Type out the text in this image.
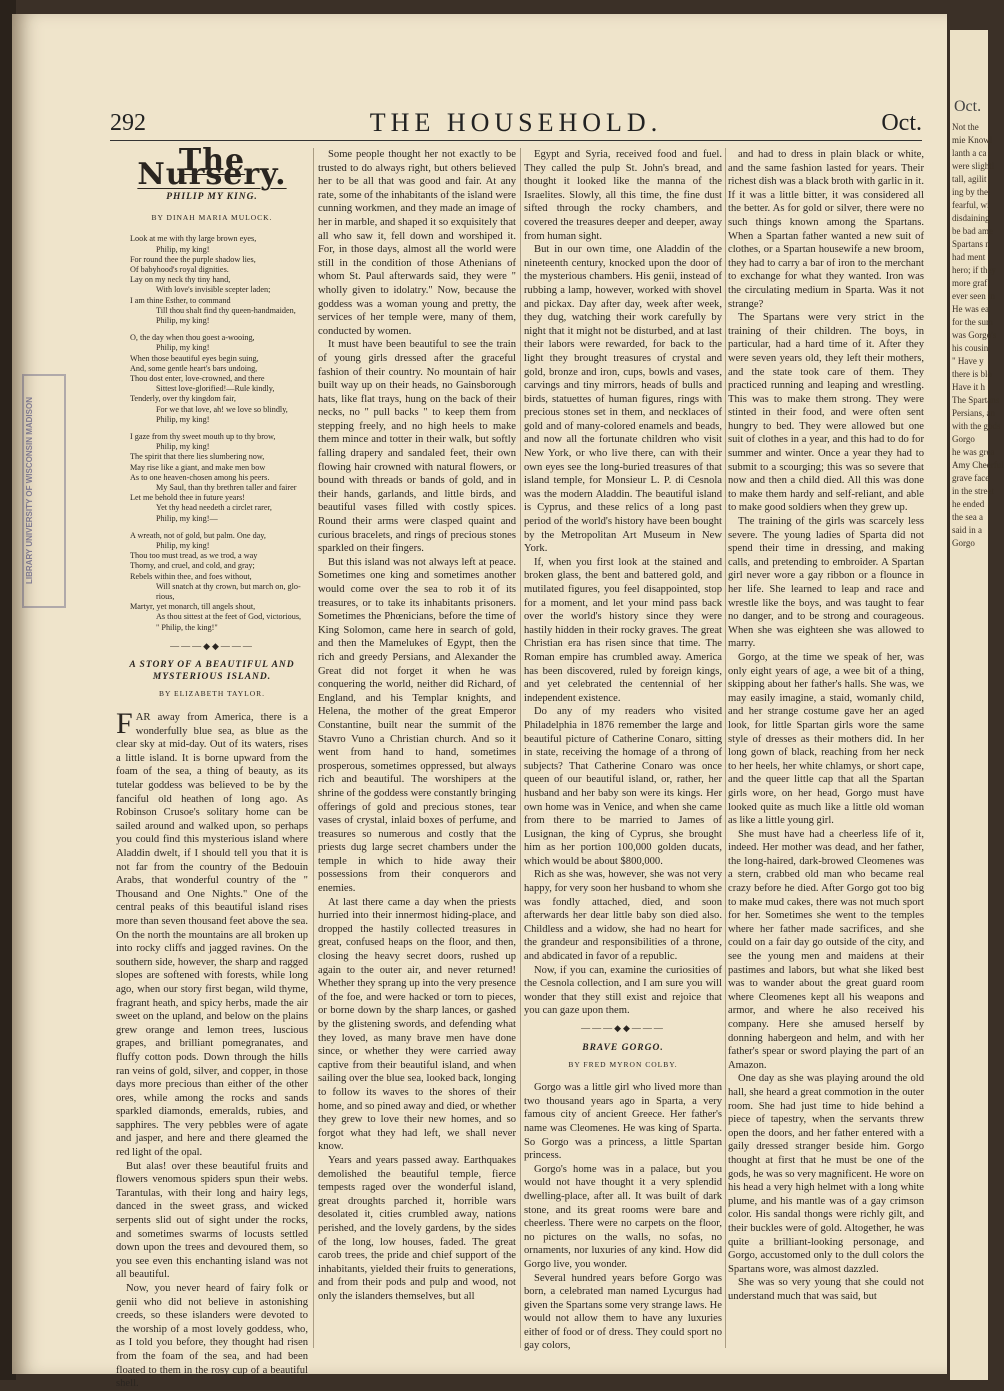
LIBRARY UNIVERSITY OF WISCONSIN MADISON
Oct.
Not the
mie Knowl
lanth a ca
were slightl
tall, agilit
ing by the
fearful, wi
disdaining
be bad ame
Spartans n
had ment
hero; if they
more graf
ever seen in
He was ea
for the sum
was Gorgo's
his cousin
" Have y
there is blo
Have it h
The Spartans
Persians, an
with the gods
Gorgo
he was grea
Amy Cheerful
grave face
in the street
he ended
the sea a
said in a
Gorgo
292	THE HOUSEHOLD.	Oct.
The Nursery.
PHILIP MY KING.
BY DINAH MARIA MULOCK.
Look at me with thy large brown eyes,
Philip, my king!
For round thee the purple shadow lies,
Of babyhood's royal dignities.
Lay on my neck thy tiny hand,
With love's invisible scepter laden;
I am thine Esther, to command
Till thou shalt find thy queen-handmaiden,
Philip, my king!
O, the day when thou goest a-wooing,
Philip, my king!
When those beautiful eyes begin suing,
And, some gentle heart's bars undoing,
Thou dost enter, love-crowned, and there
Sittest love-glorified!—Rule kindly,
Tenderly, over thy kingdom fair,
For we that love, ah! we love so blindly,
Philip, my king!
I gaze from thy sweet mouth up to thy brow,
Philip, my king!
The spirit that there lies slumbering now,
May rise like a giant, and make men bow
As to one heaven-chosen among his peers.
My Saul, than thy brethren taller and fairer
Let me behold thee in future years!
Yet thy head needeth a circlet rarer,
Philip, my king!—
A wreath, not of gold, but palm. One day,
Philip, my king!
Thou too must tread, as we trod, a way
Thorny, and cruel, and cold, and gray;
Rebels within thee, and foes without,
Will snatch at thy crown, but march on, glo-
rious,
Martyr, yet monarch, till angels shout,
As thou sittest at the feet of God, victorious,
" Philip, the king!"
———◆◆———
A STORY OF A BEAUTIFUL AND MYSTERIOUS ISLAND.
BY ELIZABETH TAYLOR.

FAR away from America, there is a wonderfully blue sea, as blue as the clear sky at mid-day. Out of its waters, rises a little island. It is borne upward from the foam of the sea, a thing of beauty, as its tutelar goddess was believed to be by the fanciful old heathen of long ago. As Robinson Crusoe's solitary home can be sailed around and walked upon, so perhaps you could find this mysterious island where Aladdin dwelt, if I should tell you that it is not far from the country of the Bedouin Arabs, that wonderful country of the " Thousand and One Nights." One of the central peaks of this beautiful island rises more than seven thousand feet above the sea. On the north the mountains are all broken up into rocky cliffs and jagged ravines. On the southern side, however, the sharp and ragged slopes are softened with forests, while long ago, when our story first began, wild thyme, fragrant heath, and spicy herbs, made the air sweet on the upland, and below on the plains grew orange and lemon trees, luscious grapes, and brilliant pomegranates, and fluffy cotton pods. Down through the hills ran veins of gold, silver, and copper, in those days more precious than either of the other ores, while among the rocks and sands sparkled diamonds, emeralds, rubies, and sapphires. The very pebbles were of agate and jasper, and here and there gleamed the red light of the opal.

But alas! over these beautiful fruits and flowers venomous spiders spun their webs. Tarantulas, with their long and hairy legs, danced in the sweet grass, and wicked serpents slid out of sight under the rocks, and sometimes swarms of locusts settled down upon the trees and devoured them, so you see even this enchanting island was not all beautiful.

Now, you never heard of fairy folk or genii who did not believe in astonishing creeds, so these islanders were devoted to the worship of a most lovely goddess, who, as I told you before, they thought had risen from the foam of the sea, and had been floated to them in the rosy cup of a beautiful shell.

Some people thought her not exactly to be trusted to do always right, but others believed her to be all that was good and fair. At any rate, some of the inhabitants of the island were cunning workmen, and they made an image of her in marble, and shaped it so exquisitely that all who saw it, fell down and worshiped it. For, in those days, almost all the world were still in the condition of those Athenians of whom St. Paul afterwards said, they were " wholly given to idolatry." Now, because the goddess was a woman young and pretty, the services of her temple were, many of them, conducted by women.

It must have been beautiful to see the train of young girls dressed after the graceful fashion of their country. No mountain of hair built way up on their heads, no Gainsborough hats, like flat trays, hung on the back of their necks, no " pull backs " to keep them from stepping freely, and no high heels to make them mince and totter in their walk, but softly falling drapery and sandaled feet, their own flowing hair crowned with natural flowers, or bound with threads or bands of gold, and in their hands, garlands, and little birds, and beautiful vases filled with costly spices. Round their arms were clasped quaint and curious bracelets, and rings of precious stones sparkled on their fingers.

But this island was not always left at peace. Sometimes one king and sometimes another would come over the sea to rob it of its treasures, or to take its inhabitants prisoners. Sometimes the Phœnicians, before the time of King Solomon, came here in search of gold, and then the Mamelukes of Egypt, then the rich and greedy Persians, and Alexander the Great did not forget it when he was conquering the world, neither did Richard, of England, and his Templar knights, and Helena, the mother of the great Emperor Constantine, built near the summit of the Stavro Vuno a Christian church. And so it went from hand to hand, sometimes prosperous, sometimes oppressed, but always rich and beautiful. The worshipers at the shrine of the goddess were constantly bringing offerings of gold and precious stones, tear vases of crystal, inlaid boxes of perfume, and treasures so numerous and costly that the priests dug large secret chambers under the temple in which to hide away their possessions from their conquerors and enemies.

At last there came a day when the priests hurried into their innermost hiding-place, and dropped the hastily collected treasures in great, confused heaps on the floor, and then, closing the heavy secret doors, rushed up again to the outer air, and never returned! Whether they sprang up into the very presence of the foe, and were hacked or torn to pieces, or borne down by the sharp lances, or gashed by the glistening swords, and defending what they loved, as many brave men have done since, or whether they were carried away captive from their beautiful island, and when sailing over the blue sea, looked back, longing to follow its waves to the shores of their home, and so pined away and died, or whether they grew to love their new homes, and so forgot what they had left, we shall never know.

Years and years passed away. Earthquakes demolished the beautiful temple, fierce tempests raged over the wonderful island, great droughts parched it, horrible wars desolated it, cities crumbled away, nations perished, and the lovely gardens, by the sides of the long, low houses, faded. The great carob trees, the pride and chief support of the inhabitants, yielded their fruits to generations, and from their pods and pulp and wood, not only the islanders themselves, but all

Egypt and Syria, received food and fuel. They called the pulp St. John's bread, and thought it looked like the manna of the Israelites. Slowly, all this time, the fine dust sifted through the rocky chambers, and covered the treasures deeper and deeper, away from human sight.

But in our own time, one Aladdin of the nineteenth century, knocked upon the door of the mysterious chambers. His genii, instead of rubbing a lamp, however, worked with shovel and pickax. Day after day, week after week, they dug, watching their work carefully by night that it might not be disturbed, and at last their labors were rewarded, for back to the light they brought treasures of crystal and gold, bronze and iron, cups, bowls and vases, carvings and tiny mirrors, heads of bulls and birds, statuettes of human figures, rings with precious stones set in them, and necklaces of gold and of many-colored enamels and beads, and now all the fortunate children who visit New York, or who live there, can with their own eyes see the long-buried treasures of that island temple, for Monsieur L. P. di Cesnola was the modern Aladdin. The beautiful island is Cyprus, and these relics of a long past period of the world's history have been bought by the Metropolitan Art Museum in New York.

If, when you first look at the stained and broken glass, the bent and battered gold, and mutilated figures, you feel disappointed, stop for a moment, and let your mind pass back over the world's history since they were hastily hidden in their rocky graves. The great Christian era has risen since that time. The Roman empire has crumbled away. America has been discovered, ruled by foreign kings, and yet celebrated the centennial of her independent existence.

Do any of my readers who visited Philadelphia in 1876 remember the large and beautiful picture of Catherine Conaro, sitting in state, receiving the homage of a throng of subjects? That Catherine Conaro was once queen of our beautiful island, or, rather, her husband and her baby son were its kings. Her own home was in Venice, and when she came from there to be married to James of Lusignan, the king of Cyprus, she brought him as her portion 100,000 golden ducats, which would be about $800,000.

Rich as she was, however, she was not very happy, for very soon her husband to whom she was fondly attached, died, and soon afterwards her dear little baby son died also. Childless and a widow, she had no heart for the grandeur and responsibilities of a throne, and abdicated in favor of a republic.

Now, if you can, examine the curiosities of the Cesnola collection, and I am sure you will wonder that they still exist and rejoice that you can gaze upon them.

———◆◆———
BRAVE GORGO.
BY FRED MYRON COLBY.

Gorgo was a little girl who lived more than two thousand years ago in Sparta, a very famous city of ancient Greece. Her father's name was Cleomenes. He was king of Sparta. So Gorgo was a princess, a little Spartan princess.

Gorgo's home was in a palace, but you would not have thought it a very splendid dwelling-place, after all. It was built of dark stone, and its great rooms were bare and cheerless. There were no carpets on the floor, no pictures on the walls, no sofas, no ornaments, nor luxuries of any kind. How did Gorgo live, you wonder.

Several hundred years before Gorgo was born, a celebrated man named Lycurgus had given the Spartans some very strange laws. He would not allow them to have any luxuries either of food or of dress. They could sport no gay colors,

and had to dress in plain black or white, and the same fashion lasted for years. Their richest dish was a black broth with garlic in it. If it was a little bitter, it was considered all the better. As for gold or silver, there were no such things known among the Spartans. When a Spartan father wanted a new suit of clothes, or a Spartan housewife a new broom, they had to carry a bar of iron to the merchant to exchange for what they wanted. Iron was the circulating medium in Sparta. Was it not strange?

The Spartans were very strict in the training of their children. The boys, in particular, had a hard time of it. After they were seven years old, they left their mothers, and the state took care of them. They practiced running and leaping and wrestling. This was to make them strong. They were stinted in their food, and were often sent hungry to bed. They were allowed but one suit of clothes in a year, and this had to do for summer and winter. Once a year they had to submit to a scourging; this was so severe that now and then a child died. All this was done to make them hardy and self-reliant, and able to make good soldiers when they grew up.

The training of the girls was scarcely less severe. The young ladies of Sparta did not spend their time in dressing, and making calls, and pretending to embroider. A Spartan girl never wore a gay ribbon or a flounce in her life. She learned to leap and race and wrestle like the boys, and was taught to fear no danger, and to be strong and courageous. When she was eighteen she was allowed to marry.

Gorgo, at the time we speak of her, was only eight years of age, a wee bit of a thing, skipping about her father's halls. She was, we may easily imagine, a staid, womanly child, and her strange costume gave her an aged look, for little Spartan girls wore the same style of dresses as their mothers did. In her long gown of black, reaching from her neck to her heels, her white chlamys, or short cape, and the queer little cap that all the Spartan girls wore, on her head, Gorgo must have looked quite as much like a little old woman as like a little young girl.

She must have had a cheerless life of it, indeed. Her mother was dead, and her father, the long-haired, dark-browed Cleomenes was a stern, crabbed old man who became real crazy before he died. After Gorgo got too big to make mud cakes, there was not much sport for her. Sometimes she went to the temples where her father made sacrifices, and she could on a fair day go outside of the city, and see the young men and maidens at their pastimes and labors, but what she liked best was to wander about the great guard room where Cleomenes kept all his weapons and armor, and where he also received his company. Here she amused herself by donning habergeon and helm, and with her father's spear or sword playing the part of an Amazon.

One day as she was playing around the old hall, she heard a great commotion in the outer room. She had just time to hide behind a piece of tapestry, when the servants threw open the doors, and her father entered with a gaily dressed stranger beside him. Gorgo thought at first that he must be one of the gods, he was so very magnificent. He wore on his head a very high helmet with a long white plume, and his mantle was of a gay crimson color. His sandal thongs were richly gilt, and their buckles were of gold. Altogether, he was quite a brilliant-looking personage, and Gorgo, accustomed only to the dull colors the Spartans wore, was almost dazzled.

She was so very young that she could not understand much that was said, but
